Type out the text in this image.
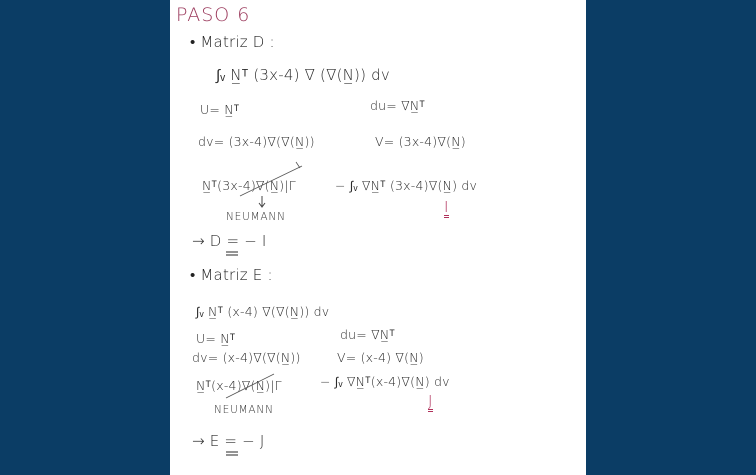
PASO 6
• Matriz D :
∫ᵥ N̲ᵀ (3x-4) ∇ (∇(N̲)) dv
U= N̲ᵀ	du= ∇N̲ᵀ
dv= (3x-4)∇(∇(N̲))	V= (3x-4)∇(N̲)
N̲ᵀ(3x-4)∇(N̲)|Γ	− ∫ᵥ ∇N̲ᵀ (3x-4)∇(N̲) dv
NEUMANN
I
→ D = − I
• Matriz E :
∫ᵥ N̲ᵀ (x-4) ∇(∇(N̲)) dv
U= N̲ᵀ	du= ∇N̲ᵀ
dv= (x-4)∇(∇(N̲))	V= (x-4) ∇(N̲)
N̲ᵀ(x-4)∇(N̲)|Γ	− ∫ᵥ ∇N̲ᵀ(x-4)∇(N̲) dv
NEUMANN	J
→ E = − J
